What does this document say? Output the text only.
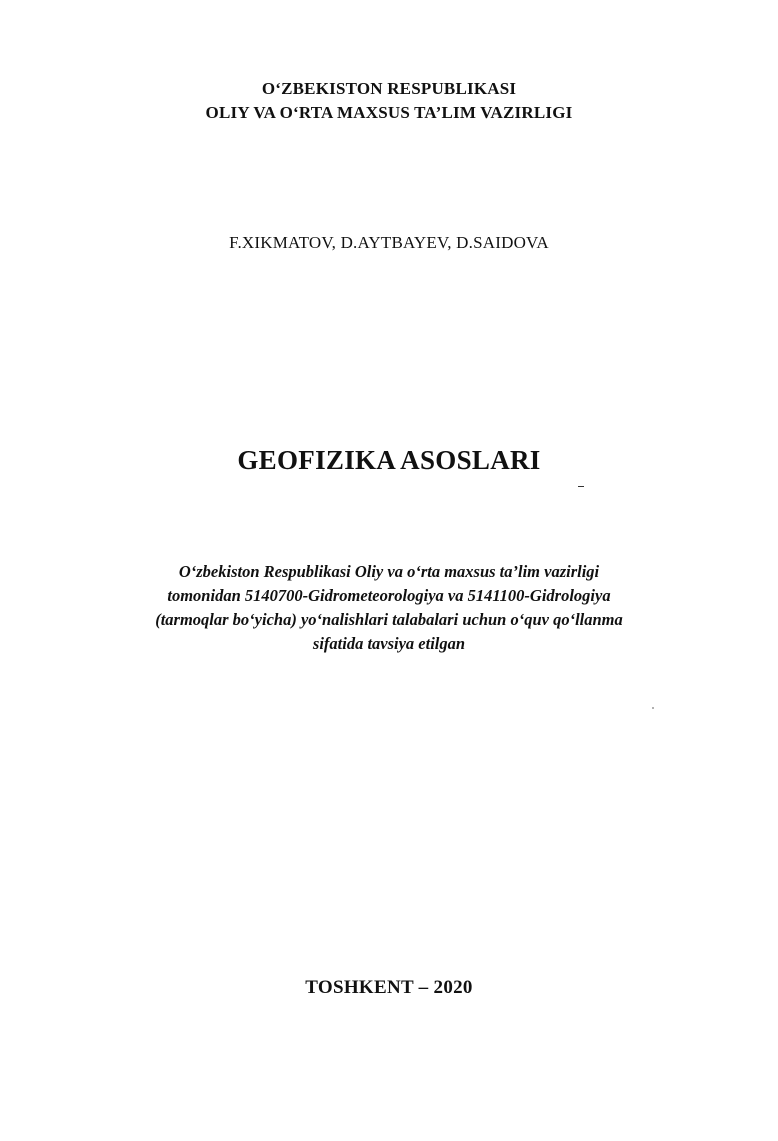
O‘ZBEKISTON RESPUBLIKASI
OLIY VA O‘RTA MAXSUS TA’LIM VAZIRLIGI
F.XIKMATOV, D.AYTBAYEV, D.SAIDOVA
GEOFIZIKA ASOSLARI
O‘zbekiston Respublikasi Oliy va o‘rta maxsus ta’lim vazirligi
tomonidan 5140700-Gidrometeorologiya va 5141100-Gidrologiya
(tarmoqlar bo‘yicha) yo‘nalishlari talabalari uchun o‘quv qo‘llanma
sifatida tavsiya etilgan
TOSHKENT – 2020
